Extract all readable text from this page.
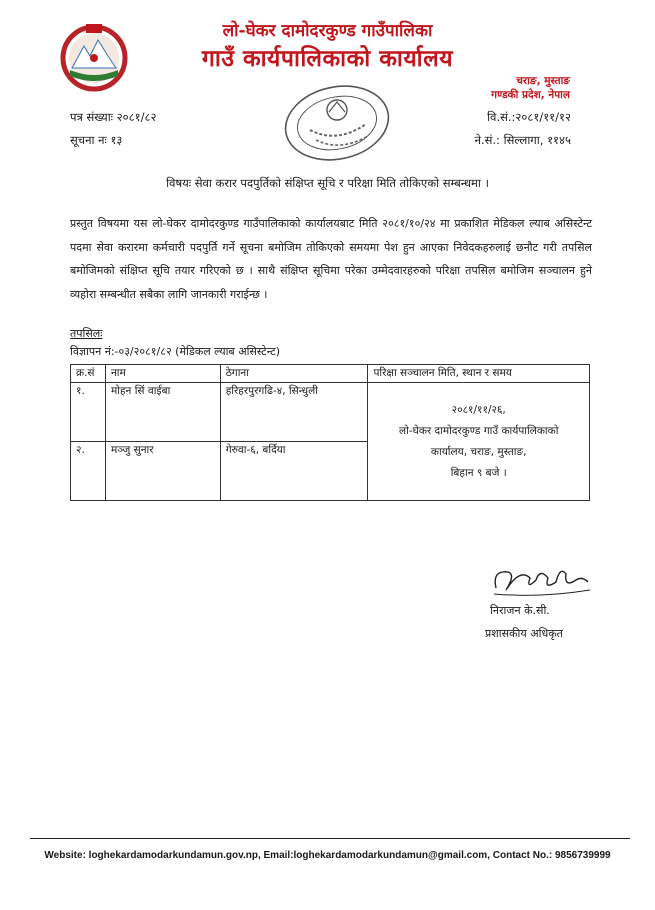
लो-घेकर दामोदरकुण्ड गाउँपालिका
गाउँ कार्यपालिकाको कार्यालय
चराङ, मुस्ताङ
गण्डकी प्रदेश, नेपाल
पत्र संख्याः २०८१/८२
सूचना नः १३
वि.सं.:२०८१/११/१२
ने.सं.: सिल्लागा, ११४५
विषयः सेवा करार पदपुर्तिको संक्षिप्त सूचि र परिक्षा मिति तोकिएको सम्बन्धमा ।
प्रस्तुत विषयमा यस लो-घेकर दामोदरकुण्ड गाउँपालिकाको कार्यालयबाट मिति २०८१/१०/२४ मा प्रकाशित मेडिकल ल्याब असिस्टेन्ट पदमा सेवा करारमा कर्मचारी पदपुर्ति गर्ने सूचना बमोजिम तोकिएको समयमा पेश हुन आएका निवेदकहरुलाई छनौट गरी तपसिल बमोजिमको संक्षिप्त सूचि तयार गरिएको छ । साथै संक्षिप्त सूचिमा परेका उम्मेदवारहरुको परिक्षा तपसिल बमोजिम सञ्चालन हुने व्यहोरा सम्बन्धीत सबैका लागि जानकारी गराईन्छ ।
तपसिलः
विज्ञापन नं:-०३/२०८१/८२ (मेडिकल ल्याब असिस्टेन्ट)
क्र.सं	नाम	ठेगाना	परिक्षा सञ्चालन मिति, स्थान र समय
१.	मोहन सिं वाईबा	हरिहरपुरगढि-४, सिन्धुली	२०८१/११/२६,
लो-घेकर दामोदरकुण्ड गाउँ कार्यपालिकाको
कार्यालय, चराङ, मुस्ताङ,
बिहान ९ बजे ।

२.	मञ्जु सुनार	गेरुवा-६, बर्दिया	
निराजन के.सी.
प्रशासकीय अधिकृत
Website: loghekardamodarkundamun.gov.np, Email:loghekardamodarkundamun@gmail.com, Contact No.: 9856739999
